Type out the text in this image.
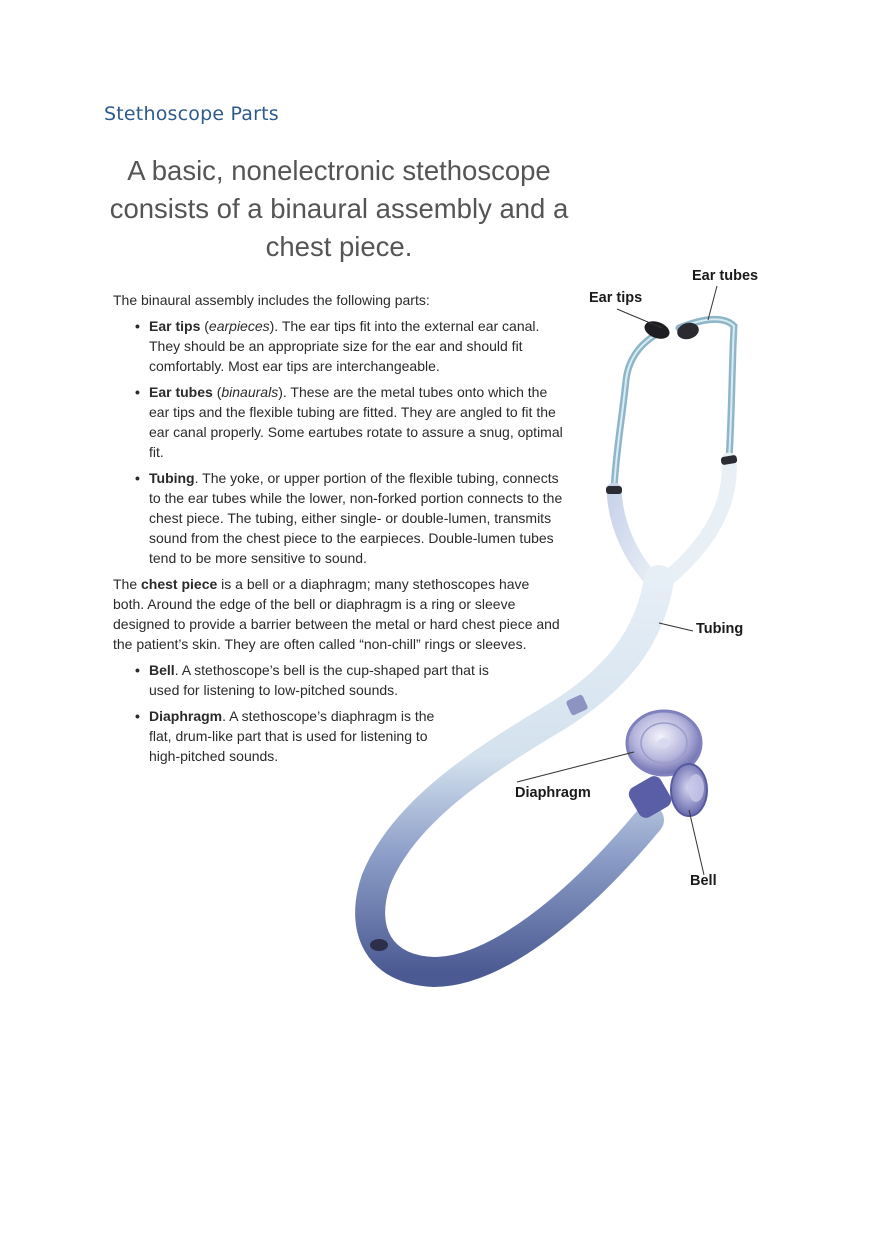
Stethoscope Parts
A basic, nonelectronic stethoscope consists of a binaural assembly and a chest piece.

The binaural assembly includes the following parts:

• Ear tips (earpieces). The ear tips fit into the external ear canal. They should be an appropriate size for the ear and should fit comfortably. Most ear tips are interchangeable.
• Ear tubes (binaurals). These are the metal tubes onto which the ear tips and the flexible tubing are fitted. They are angled to fit the ear canal properly. Some eartubes rotate to assure a snug, optimal fit.
• Tubing. The yoke, or upper portion of the flexible tubing, connects to the ear tubes while the lower, non-forked portion connects to the chest piece. The tubing, either single- or double-lumen, transmits sound from the chest piece to the earpieces. Double-lumen tubes tend to be more sensitive to sound.

The chest piece is a bell or a diaphragm; many stethoscopes have both. Around the edge of the bell or diaphragm is a ring or sleeve designed to provide a barrier between the metal or hard chest piece and the patient’s skin. They are often called “non-chill” rings or sleeves.

• Bell. A stethoscope’s bell is the cup-shaped part that is used for listening to low-pitched sounds.
• Diaphragm. A stethoscope’s diaphragm is the flat, drum-like part that is used for listening to high-pitched sounds.
Ear tubes
Ear tips
Tubing
Diaphragm
Bell
